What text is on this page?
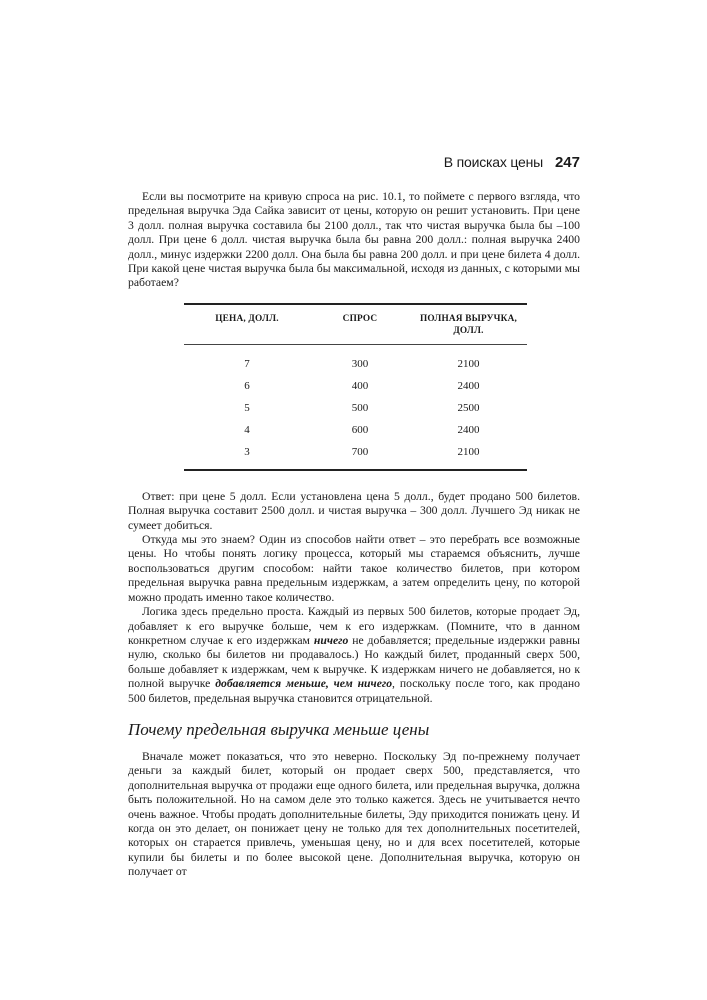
В поисках цены 247

Если вы посмотрите на кривую спроса на рис. 10.1, то поймете с первого взгляда, что предельная выручка Эда Сайка зависит от цены, которую он решит установить. При цене 3 долл. полная выручка составила бы 2100 долл., так что чистая выручка была бы –100 долл. При цене 6 долл. чистая выручка была бы равна 200 долл.: полная выручка 2400 долл., минус издержки 2200 долл. Она была бы равна 200 долл. и при цене билета 4 долл. При какой цене чистая выручка была бы максимальной, исходя из данных, с которыми мы работаем?

ЦЕНА, ДОЛЛ.	СПРОС	ПОЛНАЯ ВЫРУЧКА, ДОЛЛ.
7	300	2100
6	400	2400
5	500	2500
4	600	2400
3	700	2100

Ответ: при цене 5 долл. Если установлена цена 5 долл., будет продано 500 билетов. Полная выручка составит 2500 долл. и чистая выручка – 300 долл. Лучшего Эд никак не сумеет добиться.

Откуда мы это знаем? Один из способов найти ответ – это перебрать все возможные цены. Но чтобы понять логику процесса, который мы стараемся объяснить, лучше воспользоваться другим способом: найти такое количество билетов, при котором предельная выручка равна предельным издержкам, а затем определить цену, по которой можно продать именно такое количество.

Логика здесь предельно проста. Каждый из первых 500 билетов, которые продает Эд, добавляет к его выручке больше, чем к его издержкам. (Помните, что в данном конкретном случае к его издержкам ничего не добавляется; предельные издержки равны нулю, сколько бы билетов ни продавалось.) Но каждый билет, проданный сверх 500, больше добавляет к издержкам, чем к выручке. К издержкам ничего не добавляется, но к полной выручке добавляется меньше, чем ничего, поскольку после того, как продано 500 билетов, предельная выручка становится отрицательной.

Почему предельная выручка меньше цены

Вначале может показаться, что это неверно. Поскольку Эд по-прежнему получает деньги за каждый билет, который он продает сверх 500, представляется, что дополнительная выручка от продажи еще одного билета, или предельная выручка, должна быть положительной. Но на самом деле это только кажется. Здесь не учитывается нечто очень важное. Чтобы продать дополнительные билеты, Эду приходится понижать цену. И когда он это делает, он понижает цену не только для тех дополнительных посетителей, которых он старается привлечь, уменьшая цену, но и для всех посетителей, которые купили бы билеты и по более высокой цене. Дополнительная выручка, которую он получает от
